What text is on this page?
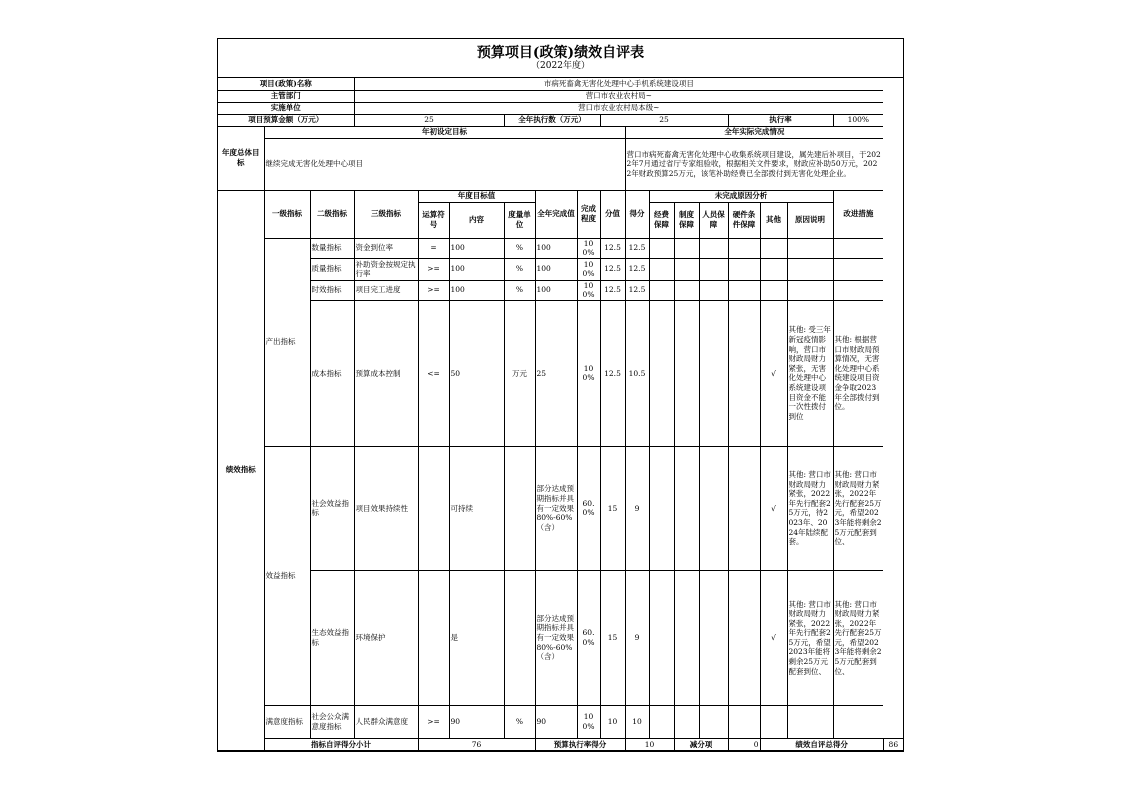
预算项目(政策)绩效自评表
（2022年度）
项目(政策)名称			市病死畜禽无害化处理中心手机系统建设项目															
主管部门			营口市农业农村局~															
实施单位			营口市农业农村局本级~															
项目预算金额（万元）			25			全年执行数（万元）			25					执行率			100%	
年度总体目标	年初设定目标									全年实际完成情况								
	继续完成无害化处理中心项目									营口市病死畜禽无害化处理中心收集系统项目建设，属先建后补项目，于2022年7月通过省厅专家组验收，根据相关文件要求，财政应补助50万元，2022年财政预算25万元，该笔补助经费已全部拨付到无害化处理企业。								
绩效指标	一级指标	二级指标	三级指标	年度目标值			全年完成值	完成程度	分值	得分	未完成原因分析						改进措施	
				运算符号	内容	度量单位					经费保障	制度保障	人员保障	硬件条件保障	其他	原因说明		
	产出指标	数量指标	资金到位率	=	100	%	100	100%	12.5	12.5								
		质量指标	补助资金按规定执行率	>=	100	%	100	100%	12.5	12.5								
		时效指标	项目完工进度	>=	100	%	100	100%	12.5	12.5								
		成本指标	预算成本控制	<=	50	万元	25	100%	12.5	10.5					√	其他: 受三年新冠疫情影响，营口市财政局财力紧张，无害化处理中心系统建设项目资金不能一次性拨付到位	其他: 根据营口市财政局预算情况，无害化处理中心系统建设项目资金争取2023年全部拨付到位。	
	效益指标	社会效益指标	项目效果持续性		可持续		部分达成预期指标并具有一定效果80%-60%（含）	60.0%	15	9					√	其他: 营口市财政局财力紧张，2022年先行配套25万元，待2023年、2024年陆续配套。	其他: 营口市财政局财力紧张，2022年先行配套25万元，希望2023年能将剩余25万元配套到位、	
		生态效益指标	环境保护		是		部分达成预期指标并具有一定效果80%-60%（含）	60.0%	15	9					√	其他: 营口市财政局财力紧张，2022年先行配套25万元，希望2023年能将剩余25万元配套到位、	其他: 营口市财政局财力紧张，2022年先行配套25万元，希望2023年能将剩余25万元配套到位、	
	满意度指标	社会公众满意度指标	人民群众满意度	>=	90	%	90	100%	10	10								
	指标自评得分小计			76			预算执行率得分			10		减分项		0	绩效自评总得分			86
